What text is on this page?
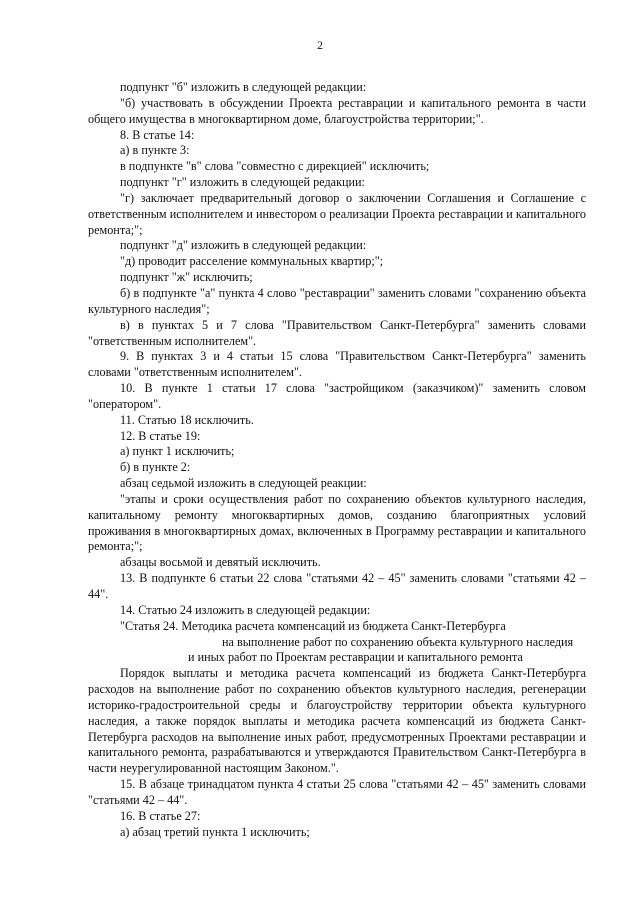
2

подпункт "б" изложить в следующей редакции:

"б) участвовать в обсуждении Проекта реставрации и капитального ремонта в части общего имущества в многоквартирном доме, благоустройства территории;".

8. В статье 14:

а) в пункте 3:

в подпункте "в" слова "совместно с дирекцией" исключить;

подпункт "г" изложить в следующей редакции:

"г) заключает предварительный договор о заключении Соглашения и Соглашение с ответственным исполнителем и инвестором о реализации Проекта реставрации и капитального ремонта;";

подпункт "д" изложить в следующей редакции:

"д) проводит расселение коммунальных квартир;";

подпункт "ж" исключить;

б) в подпункте "а" пункта 4 слово "реставрации" заменить словами "сохранению объекта культурного наследия";

в) в пунктах 5 и 7 слова "Правительством Санкт-Петербурга" заменить словами "ответственным исполнителем".

9. В пунктах 3 и 4 статьи 15 слова "Правительством Санкт-Петербурга" заменить словами "ответственным исполнителем".

10. В пункте 1 статьи 17 слова "застройщиком (заказчиком)" заменить словом "оператором".

11. Статью 18 исключить.

12. В статье 19:

а) пункт 1 исключить;

б) в пункте 2:

абзац седьмой изложить в следующей реакции:

"этапы и сроки осуществления работ по сохранению объектов культурного наследия, капитальному ремонту многоквартирных домов, созданию благоприятных условий проживания в многоквартирных домах, включенных в Программу реставрации и капитального ремонта;";

абзацы восьмой и девятый исключить.

13. В подпункте 6 статьи 22 слова "статьями 42 – 45" заменить словами "статьями 42 – 44".

14. Статью 24 изложить в следующей редакции:

"Статья 24. Методика расчета компенсаций из бюджета Санкт-Петербурга

на выполнение работ по сохранению объекта культурного наследия

и иных работ по Проектам реставрации и капитального ремонта

Порядок выплаты и методика расчета компенсаций из бюджета Санкт-Петербурга расходов на выполнение работ по сохранению объектов культурного наследия, регенерации историко-градостроительной среды и благоустройству территории объекта культурного наследия, а также порядок выплаты и методика расчета компенсаций из бюджета Санкт-Петербурга расходов на выполнение иных работ, предусмотренных Проектами реставрации и капитального ремонта, разрабатываются и утверждаются Правительством Санкт-Петербурга в части неурегулированной настоящим Законом.".

15. В абзаце тринадцатом пункта 4 статьи 25 слова "статьями 42 – 45" заменить словами "статьями 42 – 44".

16. В статье 27:

а) абзац третий пункта 1 исключить;
